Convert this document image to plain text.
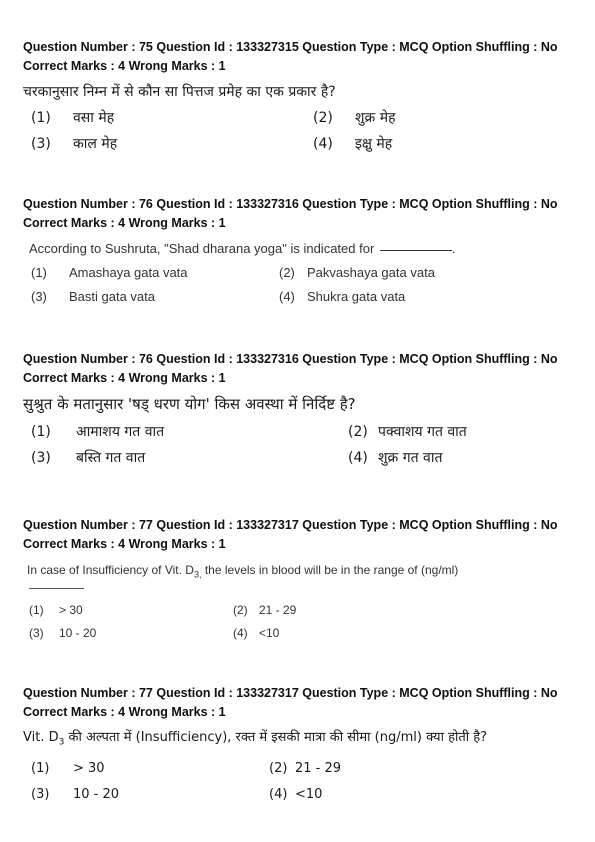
Question Number : 75 Question Id : 133327315 Question Type : MCQ Option Shuffling : No
Correct Marks : 4 Wrong Marks : 1
चरकानुसार निम्न में से कौन सा पित्तज प्रमेह का एक प्रकार है?
(1) वसा मेह	(2) शुक्र मेह
(3) काल मेह	(4) इक्षु मेह
Question Number : 76 Question Id : 133327316 Question Type : MCQ Option Shuffling : No
Correct Marks : 4 Wrong Marks : 1
According to Sushruta, "Shad dharana yoga" is indicated for	.
(1) Amashaya gata vata	(2) Pakvashaya gata vata
(3) Basti gata vata	(4) Shukra gata vata
Question Number : 76 Question Id : 133327316 Question Type : MCQ Option Shuffling : No
Correct Marks : 4 Wrong Marks : 1
सुश्रुत के मतानुसार 'षड् धरण योग' किस अवस्था में निर्दिष्ट है?
(1) आमाशय गत वात	(2) पक्वाशय गत वात
(3) बस्ति गत वात	(4) शुक्र गत वात
Question Number : 77 Question Id : 133327317 Question Type : MCQ Option Shuffling : No
Correct Marks : 4 Wrong Marks : 1
In case of Insufficiency of Vit. $D_{3,}$ the levels in blood will be in the range of (ng/ml)
(1) > 30	(2) 21 - 29
(3) 10 - 20	(4) <10
Question Number : 77 Question Id : 133327317 Question Type : MCQ Option Shuffling : No
Correct Marks : 4 Wrong Marks : 1
Vit. $D_3$ की अल्पता में (Insufficiency), रक्त में इसकी मात्रा की सीमा (ng/ml) क्या होती है?
(1) > 30	(2) 21 - 29
(3) 10 - 20	(4) <10
